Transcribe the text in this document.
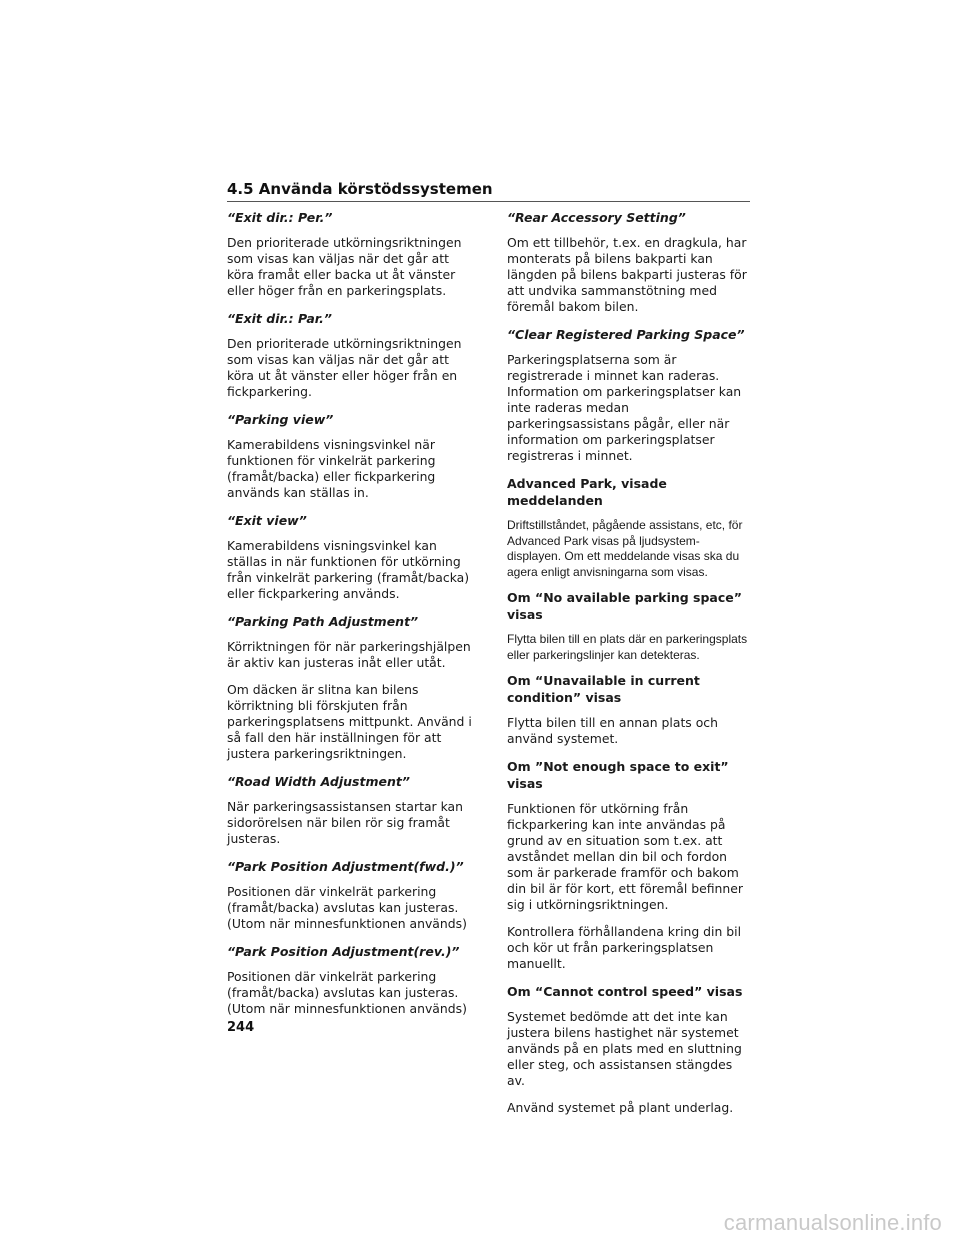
4.5 Använda körstödssystemen
“Exit dir.: Per.”
Den prioriterade utkörningsriktningen som visas kan väljas när det går att köra framåt eller backa ut åt vänster eller höger från en parkeringsplats.
“Exit dir.: Par.”
Den prioriterade utkörningsriktningen som visas kan väljas när det går att köra ut åt vänster eller höger från en fickparkering.
“Parking view”
Kamerabildens visningsvinkel när funktionen för vinkelrät parkering (framåt/backa) eller fickparkering används kan ställas in.
“Exit view”
Kamerabildens visningsvinkel kan ställas in när funktionen för utkörning från vinkelrät parkering (framåt/backa) eller fickparkering används.
“Parking Path Adjustment”
Körriktningen för när parkeringshjälpen är aktiv kan justeras inåt eller utåt.
Om däcken är slitna kan bilens körriktning bli förskjuten från parkeringsplatsens mittpunkt. Använd i så fall den här inställningen för att justera parkeringsriktningen.
“Road Width Adjustment”
När parkeringsassistansen startar kan sidorörelsen när bilen rör sig framåt justeras.
“Park Position Adjustment(fwd.)”
Positionen där vinkelrät parkering (framåt/backa) avslutas kan justeras. (Utom när minnesfunktionen används)
“Park Position Adjustment(rev.)”
Positionen där vinkelrät parkering (framåt/backa) avslutas kan justeras. (Utom när minnesfunktionen används)
“Rear Accessory Setting”
Om ett tillbehör, t.ex. en dragkula, har monterats på bilens bakparti kan längden på bilens bakparti justeras för att undvika sammanstötning med föremål bakom bilen.
“Clear Registered Parking Space”
Parkeringsplatserna som är registrerade i minnet kan raderas. Information om parkeringsplatser kan inte raderas medan parkeringsassistans pågår, eller när information om parkeringsplatser registreras i minnet.
Advanced Park, visade meddelanden
Driftstillståndet, pågående assistans, etc, för Advanced Park visas på ljudsystem-displayen. Om ett meddelande visas ska du agera enligt anvisningarna som visas.
Om “No available parking space” visas
Flytta bilen till en plats där en parkeringsplats eller parkeringslinjer kan detekteras.
Om “Unavailable in current condition” visas
Flytta bilen till en annan plats och använd systemet.
Om ”Not enough space to exit” visas
Funktionen för utkörning från fickparkering kan inte användas på grund av en situation som t.ex. att avståndet mellan din bil och fordon som är parkerade framför och bakom din bil är för kort, ett föremål befinner sig i utkörningsriktningen.
Kontrollera förhållandena kring din bil och kör ut från parkeringsplatsen manuellt.
Om “Cannot control speed” visas
Systemet bedömde att det inte kan justera bilens hastighet när systemet används på en plats med en sluttning eller steg, och assistansen stängdes av.
Använd systemet på plant underlag.
244
carmanualsonline.info
